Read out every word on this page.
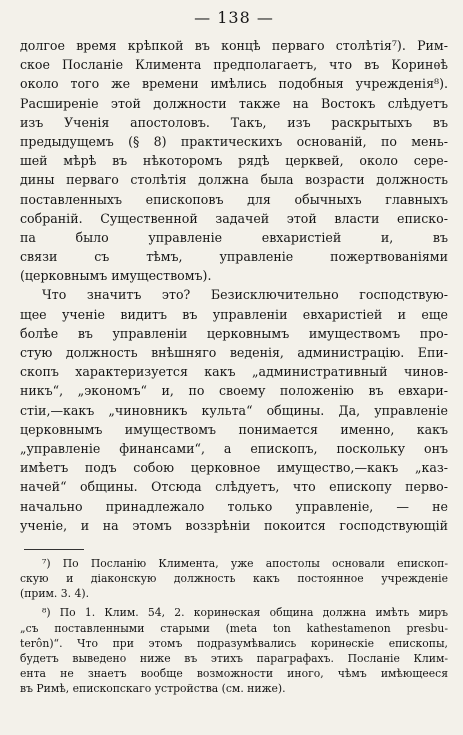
— 138 —
долгое время крѣпкой въ концѣ перваго столѣтія⁷). Рим-
ское Посланіе Климента предполагаетъ, что въ Коринѳѣ
около того же времени имѣлись подобныя учрежденія⁸).
Расширеніе этой должности также на Востокъ слѣдуетъ
изъ Ученія апостоловъ. Такъ, изъ раскрытыхъ въ
предыдущемъ (§ 8) практическихъ основаній, по мень-
шей мѣрѣ въ нѣкоторомъ рядѣ церквей, около сере-
дины перваго столѣтія должна была возрасти должность
поставленныхъ епископовъ для обычныхъ главныхъ
собраній. Существенной задачей этой власти еписко-
па было управленіе евхаристіей и, въ
связи съ тѣмъ, управленіе пожертвованіями
(церковнымъ имуществомъ).
Что значитъ это? Безисключительно господствую-
щее ученіе видитъ въ управленіи евхаристіей и еще
болѣе въ управленіи церковнымъ имуществомъ про-
стую должность внѣшняго веденія, администрацію. Епи-
скопъ характеризуется какъ „административный чинов-
никъ“, „экономъ“ и, по своему положенію въ евхари-
стіи,—какъ „чиновникъ культа“ общины. Да, управленіе
церковнымъ имуществомъ понимается именно, какъ
„управленіе финансами“, а епископъ, поскольку онъ
имѣетъ подъ собою церковное имущество,—какъ „каз-
начей“ общины. Отсюда слѣдуетъ, что епископу перво-
начально принадлежало только управленіе, — не
ученіе, и на этомъ воззрѣніи покоится господствующій
⁷) По Посланію Климента, уже апостолы основали епископ-
скую и діаконскую должность какъ постоянное учрежденіе
(прим. 3. 4).
⁸) По 1. Клим. 54, 2. коринѳская община должна имѣть миръ
„съ поставленными старыми (meta ton kathestamenon presbu-
terôn)“. Что при этомъ подразумѣвались коринѳскіе епископы,
будетъ выведено ниже въ этихъ параграфахъ. Посланіе Клим-
ента не знаетъ вообще возможности иного, чѣмъ имѣющееся
въ Римѣ, епископскаго устройства (см. ниже).
